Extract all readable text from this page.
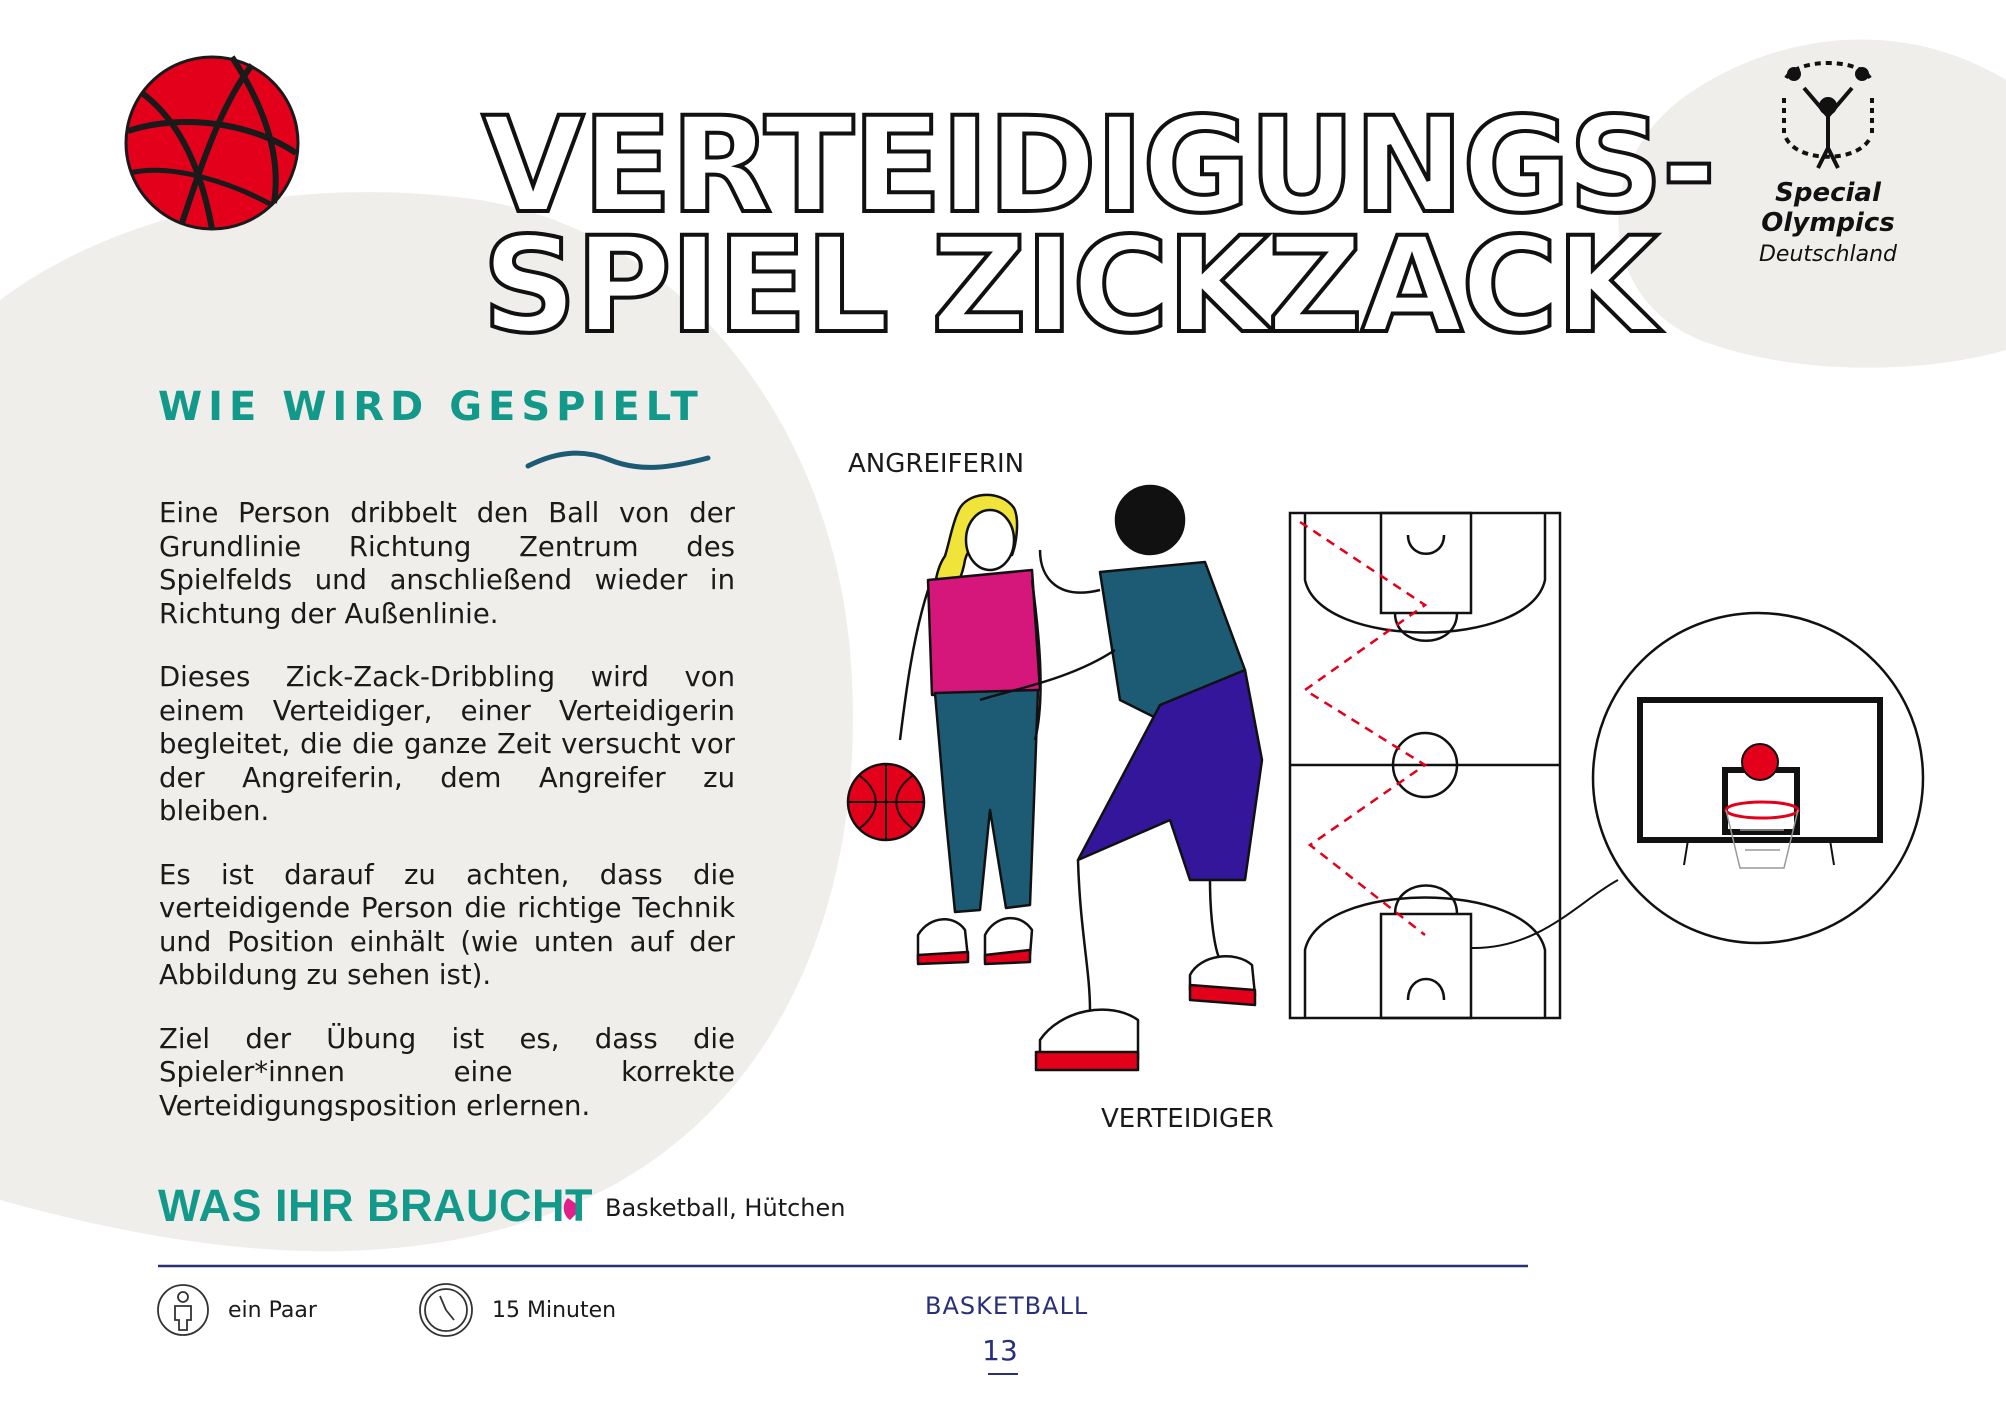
VERTEIDIGUNGS-
SPIEL ZICKZACK
Special
Olympics
Deutschland
WIE WIRD GESPIELT

Eine Person dribbelt den Ball von der Grundlinie Richtung Zentrum des Spielfelds und anschließend wieder in Richtung der Außenlinie.

Dieses Zick-Zack-Dribbling wird von einem Verteidiger, einer Verteidigerin begleitet, die die ganze Zeit versucht vor der Angreiferin, dem Angreifer zu bleiben.

Es ist darauf zu achten, dass die verteidigende Person die richtige Technik und Position einhält (wie unten auf der Abbildung zu sehen ist).

Ziel der Übung ist es, dass die Spieler*innen eine korrekte Verteidigungsposition erlernen.

ANGREIFERIN
VERTEIDIGER
WAS IHR BRAUCHT Basketball, Hütchen
ein Paar	15 Minuten	BASKETBALL
13
